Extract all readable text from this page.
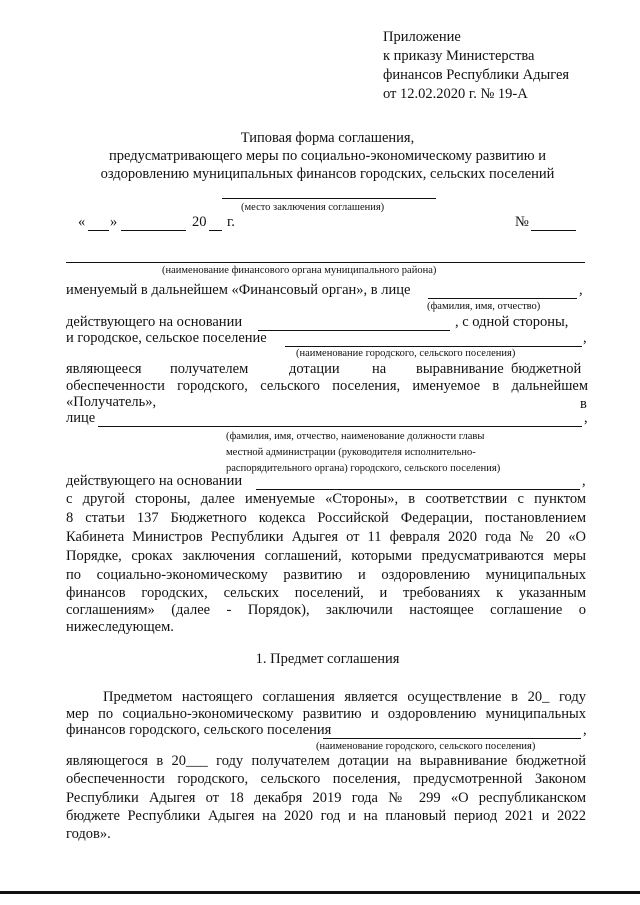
Приложение
к приказу Министерства
финансов Республики Адыгея
от 12.02.2020 г. № 19-А
Типовая форма соглашения,
предусматривающего меры по социально-экономическому развитию и
оздоровлению муниципальных финансов городских, сельских поселений
(место заключения соглашения)
« »	20 г.	№
(наименование финансового органа муниципального района)
именуемый в дальнейшем «Финансовый орган», в лице	,
(фамилия, имя, отчество)
действующего на основании	, с одной стороны,
и городское, сельское поселение	,
(наименование городского, сельского поселения)
являющееся получателем	дотации на выравнивание бюджетной
обеспеченности городского, сельского поселения, именуемое в дальнейшем
«Получатель»,	в
лице	,
(фамилия, имя, отчество, наименование должности главы
местной администрации (руководителя исполнительно-
распорядительного органа) городского, сельского поселения)
действующего на основании	,
с другой стороны, далее именуемые «Стороны», в соответствии с пунктом
8 статьи 137 Бюджетного кодекса Российской Федерации, постановлением
Кабинета Министров Республики Адыгея от 11 февраля 2020 года № 20 «О
Порядке, сроках заключения соглашений, которыми предусматриваются меры
по социально-экономическому развитию и оздоровлению муниципальных
финансов городских, сельских поселений, и требованиях к указанным
соглашениям» (далее - Порядок), заключили настоящее соглашение о
нижеследующем.
1. Предмет соглашения
Предметом настоящего соглашения является осуществление в 20_ году
мер по социально-экономическому развитию и оздоровлению муниципальных
финансов городского, сельского поселения	,
(наименование городского, сельского поселения)
являющегося в 20___ году получателем дотации на выравнивание бюджетной
обеспеченности городского, сельского поселения, предусмотренной Законом
Республики Адыгея от 18 декабря 2019 года № 299 «О республиканском
бюджете Республики Адыгея на 2020 год и на плановый период 2021 и 2022
годов».
